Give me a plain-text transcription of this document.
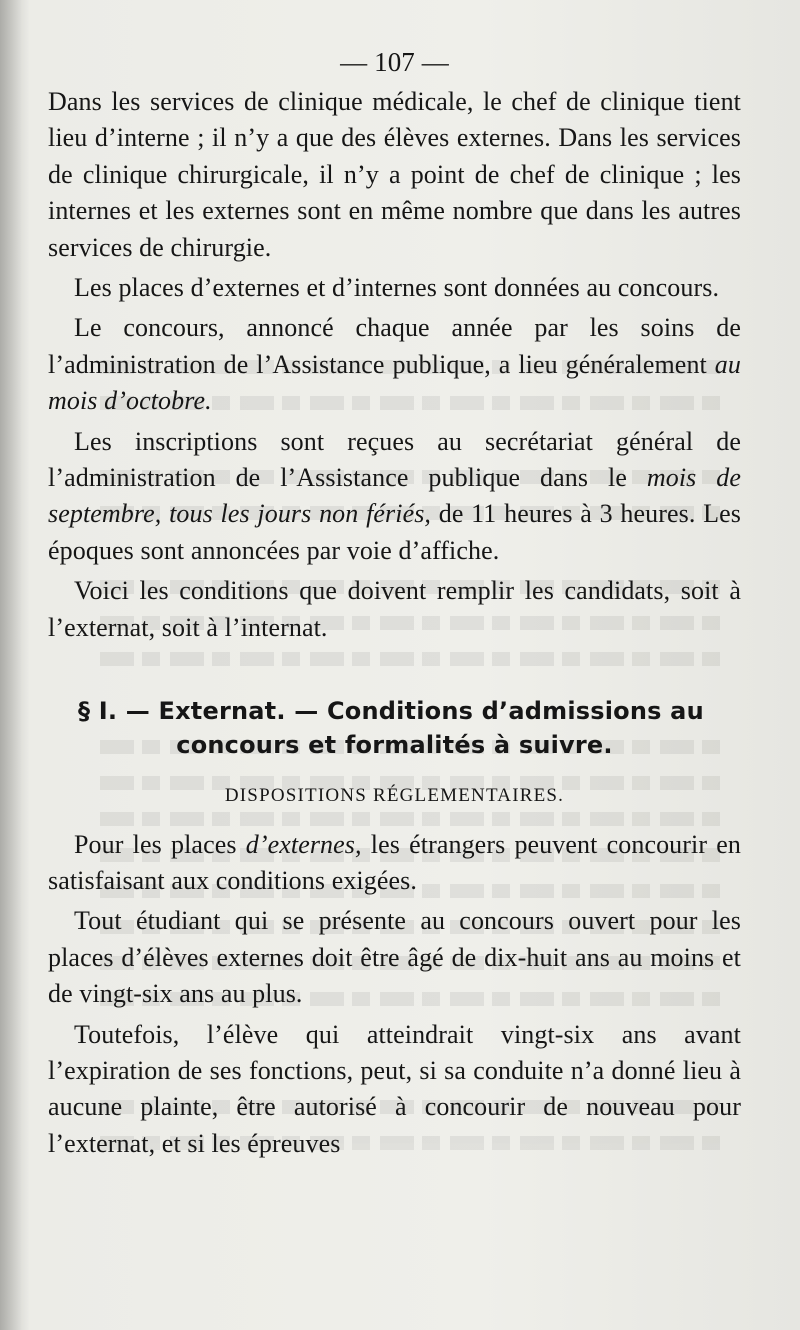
— 107 —

Dans les services de clinique médicale, le chef de clinique tient lieu d’interne ; il n’y a que des élèves externes. Dans les services de clinique chirurgicale, il n’y a point de chef de clinique ; les internes et les externes sont en même nombre que dans les autres services de chirurgie.

Les places d’externes et d’internes sont données au concours.

Le concours, annoncé chaque année par les soins de l’administration de l’Assistance publique, a lieu généralement au mois d’octobre.

Les inscriptions sont reçues au secrétariat général de l’administration de l’Assistance publique dans le mois de septembre, tous les jours non fériés, de 11 heures à 3 heures. Les époques sont annoncées par voie d’affiche.

Voici les conditions que doivent remplir les candidats, soit à l’externat, soit à l’internat.

§ I. — Externat. — Conditions d’admissions au
concours et formalités à suivre.
DISPOSITIONS RÉGLEMENTAIRES.

Pour les places d’externes, les étrangers peuvent concourir en satisfaisant aux conditions exigées.

Tout étudiant qui se présente au concours ouvert pour les places d’élèves externes doit être âgé de dix-huit ans au moins et de vingt-six ans au plus.

Toutefois, l’élève qui atteindrait vingt-six ans avant l’expiration de ses fonctions, peut, si sa conduite n’a donné lieu à aucune plainte, être autorisé à concourir de nouveau pour l’externat, et si les épreuves
